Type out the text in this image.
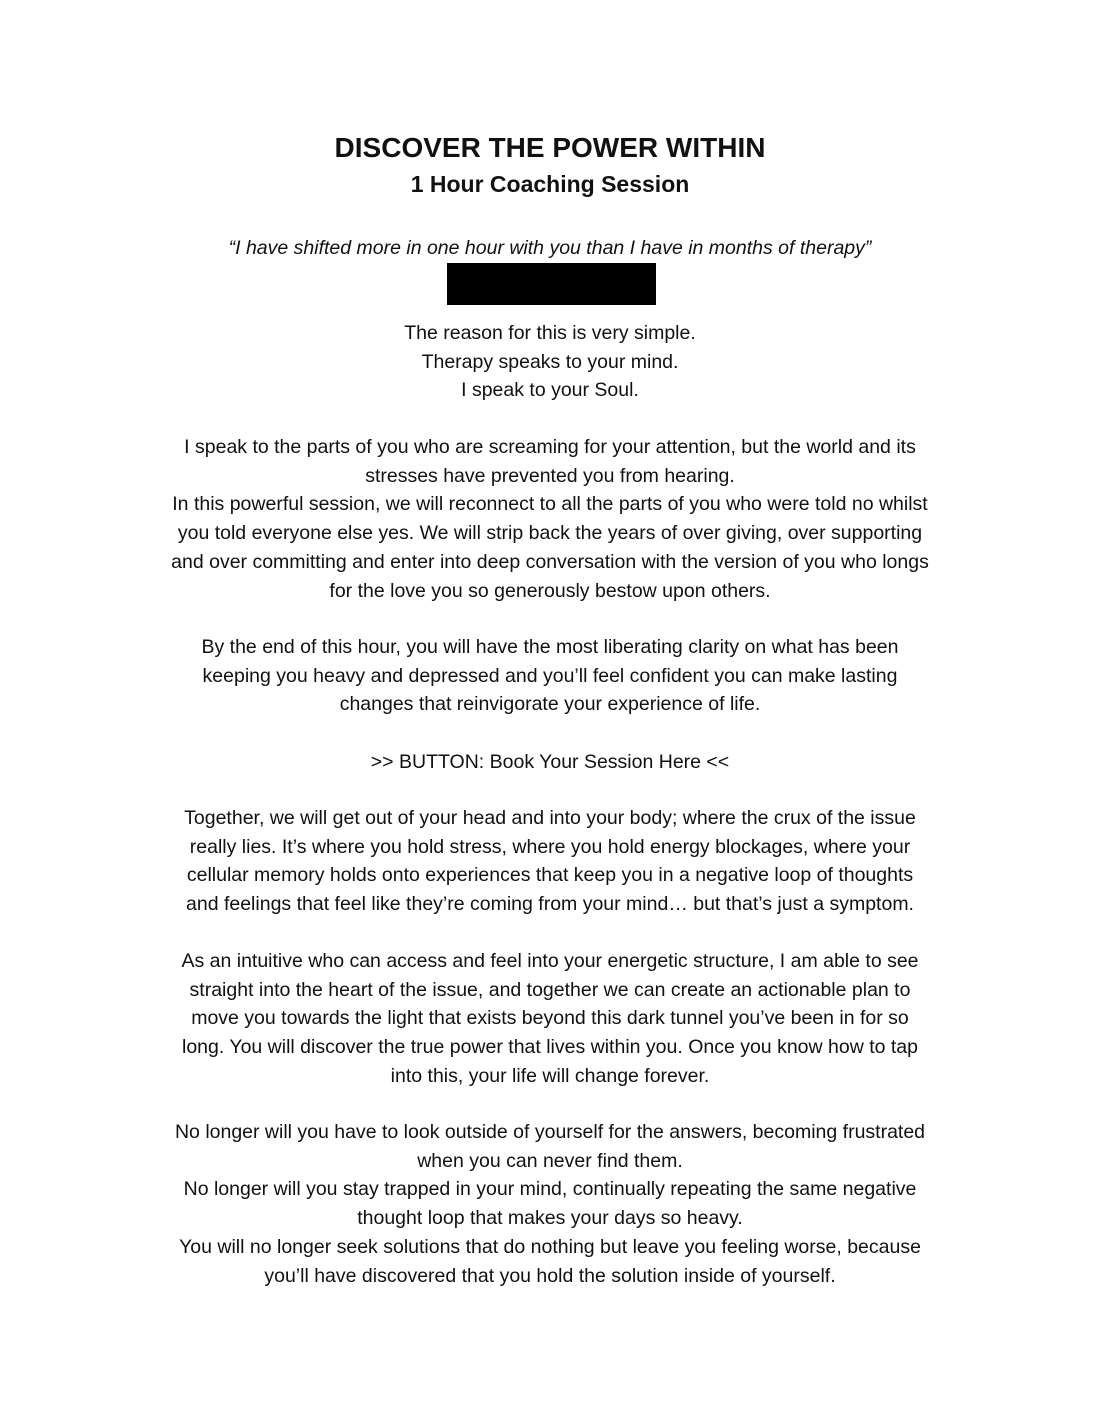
DISCOVER THE POWER WITHIN
1 Hour Coaching Session
“I have shifted more in one hour with you than I have in months of therapy”
The reason for this is very simple.
Therapy speaks to your mind.
I speak to your Soul.
I speak to the parts of you who are screaming for your attention, but the world and its
stresses have prevented you from hearing.
In this powerful session, we will reconnect to all the parts of you who were told no whilst
you told everyone else yes. We will strip back the years of over giving, over supporting
and over committing and enter into deep conversation with the version of you who longs
for the love you so generously bestow upon others.
By the end of this hour, you will have the most liberating clarity on what has been
keeping you heavy and depressed and you’ll feel confident you can make lasting
changes that reinvigorate your experience of life.
>> BUTTON: Book Your Session Here <<
Together, we will get out of your head and into your body; where the crux of the issue
really lies. It’s where you hold stress, where you hold energy blockages, where your
cellular memory holds onto experiences that keep you in a negative loop of thoughts
and feelings that feel like they’re coming from your mind… but that’s just a symptom.
As an intuitive who can access and feel into your energetic structure, I am able to see
straight into the heart of the issue, and together we can create an actionable plan to
move you towards the light that exists beyond this dark tunnel you’ve been in for so
long. You will discover the true power that lives within you. Once you know how to tap
into this, your life will change forever.
No longer will you have to look outside of yourself for the answers, becoming frustrated
when you can never find them.
No longer will you stay trapped in your mind, continually repeating the same negative
thought loop that makes your days so heavy.
You will no longer seek solutions that do nothing but leave you feeling worse, because
you’ll have discovered that you hold the solution inside of yourself.
